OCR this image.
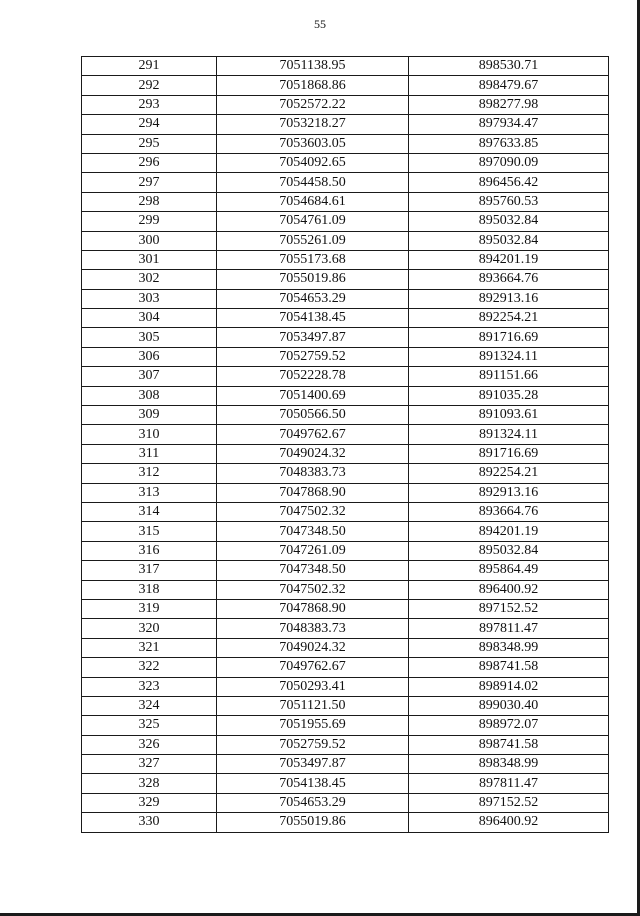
55
291	7051138.95	898530.71
292	7051868.86	898479.67
293	7052572.22	898277.98
294	7053218.27	897934.47
295	7053603.05	897633.85
296	7054092.65	897090.09
297	7054458.50	896456.42
298	7054684.61	895760.53
299	7054761.09	895032.84
300	7055261.09	895032.84
301	7055173.68	894201.19
302	7055019.86	893664.76
303	7054653.29	892913.16
304	7054138.45	892254.21
305	7053497.87	891716.69
306	7052759.52	891324.11
307	7052228.78	891151.66
308	7051400.69	891035.28
309	7050566.50	891093.61
310	7049762.67	891324.11
311	7049024.32	891716.69
312	7048383.73	892254.21
313	7047868.90	892913.16
314	7047502.32	893664.76
315	7047348.50	894201.19
316	7047261.09	895032.84
317	7047348.50	895864.49
318	7047502.32	896400.92
319	7047868.90	897152.52
320	7048383.73	897811.47
321	7049024.32	898348.99
322	7049762.67	898741.58
323	7050293.41	898914.02
324	7051121.50	899030.40
325	7051955.69	898972.07
326	7052759.52	898741.58
327	7053497.87	898348.99
328	7054138.45	897811.47
329	7054653.29	897152.52
330	7055019.86	896400.92
